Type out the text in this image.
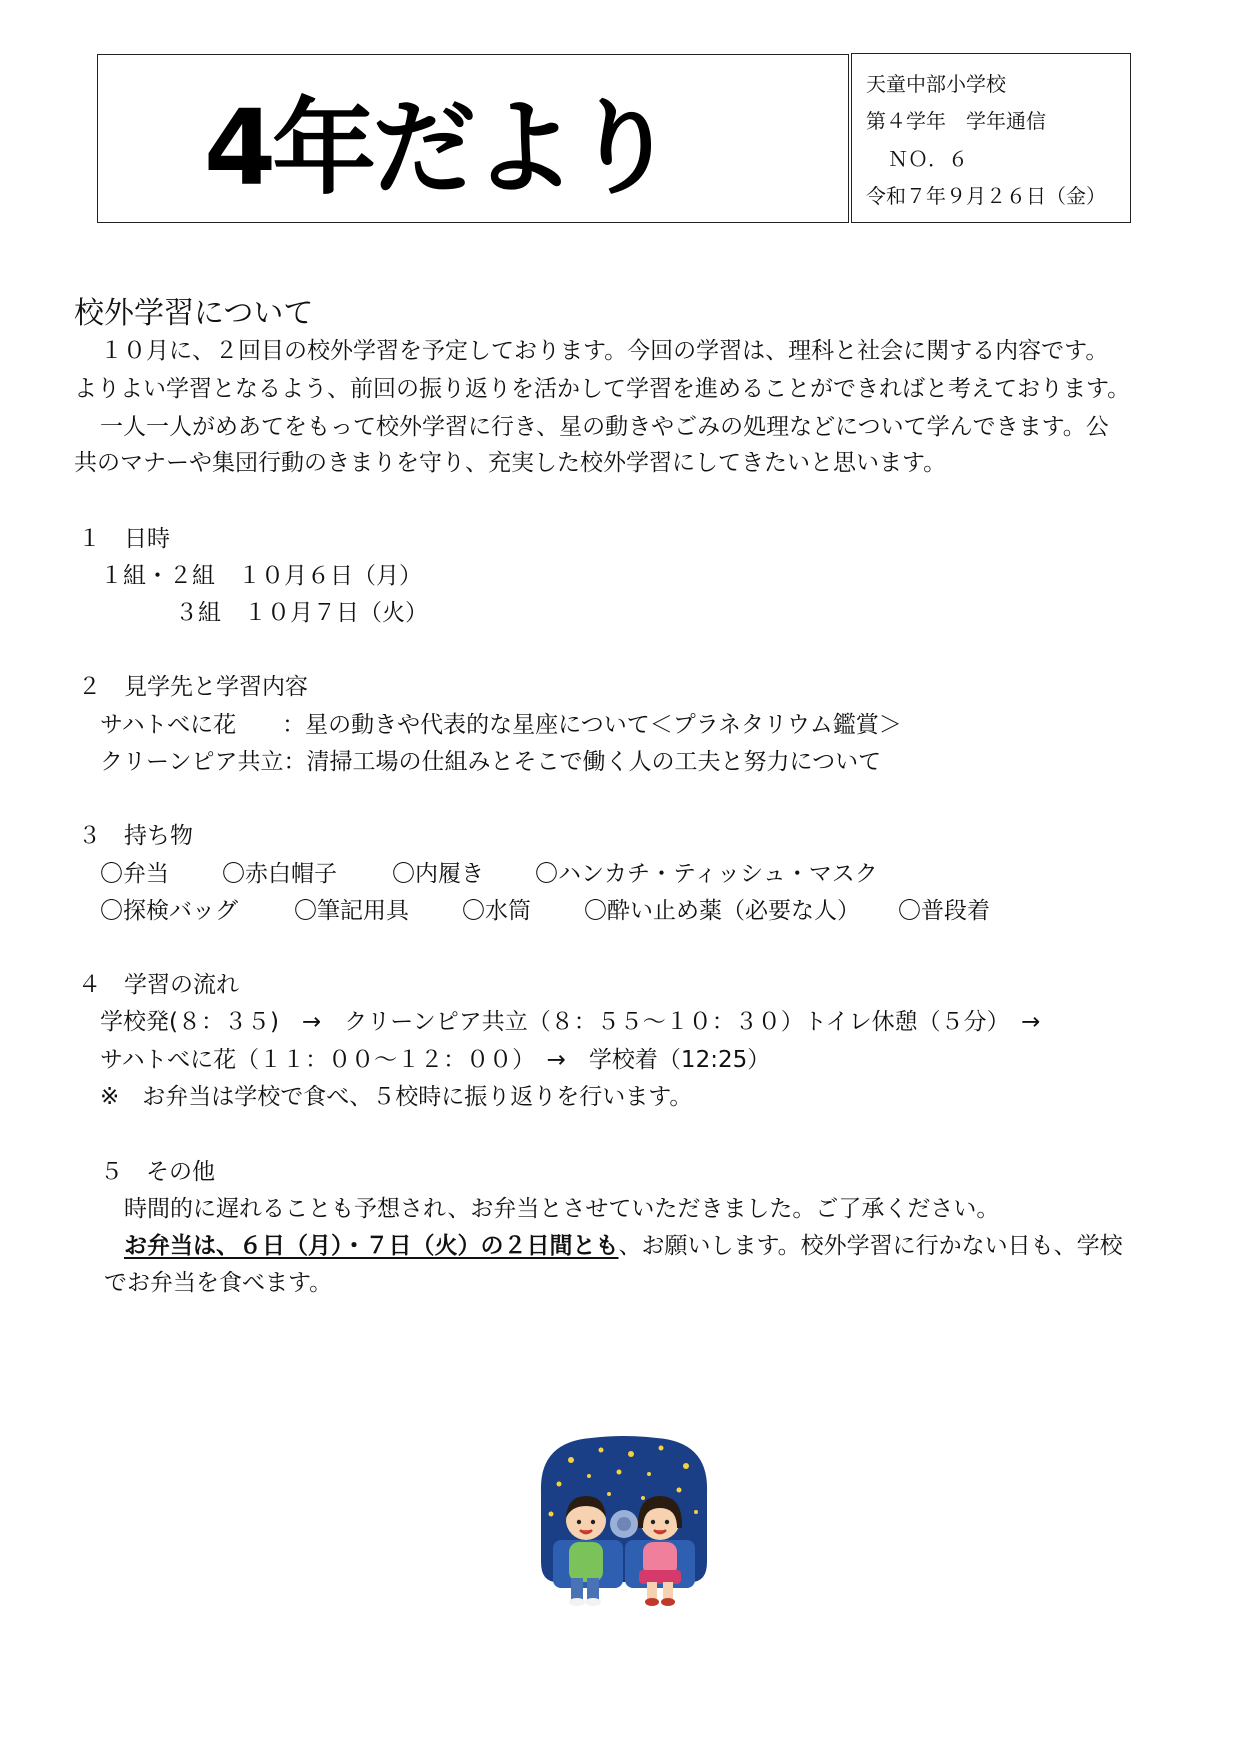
4年だより
天童中部小学校
第４学年　学年通信
ＮＯ．６
令和７年９月２６日（金）
校外学習について
１０月に、２回目の校外学習を予定しております。今回の学習は、理科と社会に関する内容です。
よりよい学習となるよう、前回の振り返りを活かして学習を進めることができればと考えております。
一人一人がめあてをもって校外学習に行き、星の動きやごみの処理などについて学んできます。公
共のマナーや集団行動のきまりを守り、充実した校外学習にしてきたいと思います。
１　日時
１組・２組　１０月６日（月）
３組　１０月７日（火）
２　見学先と学習内容
サハトべに花　　：星の動きや代表的な星座について＜プラネタリウム鑑賞＞
クリーンピア共立：清掃工場の仕組みとそこで働く人の工夫と努力について
３　持ち物
〇弁当 〇赤白帽子 〇内履き 〇ハンカチ・ティッシュ・マスク
〇探検バッグ 〇筆記用具 〇水筒 〇酔い止め薬（必要な人） 〇普段着
４　学習の流れ
学校発(８：３５)　→　クリーンピア共立（８：５５〜１０：３０）トイレ休憩（５分）　→
サハトべに花（１１：００〜１２：００）　→　学校着（12:25）
※　お弁当は学校で食べ、５校時に振り返りを行います。
５　その他
時間的に遅れることも予想され、お弁当とさせていただきました。ご了承ください。
お弁当は、６日（月）・７日（火）の２日間とも、お願いします。校外学習に行かない日も、学校
でお弁当を食べます。
